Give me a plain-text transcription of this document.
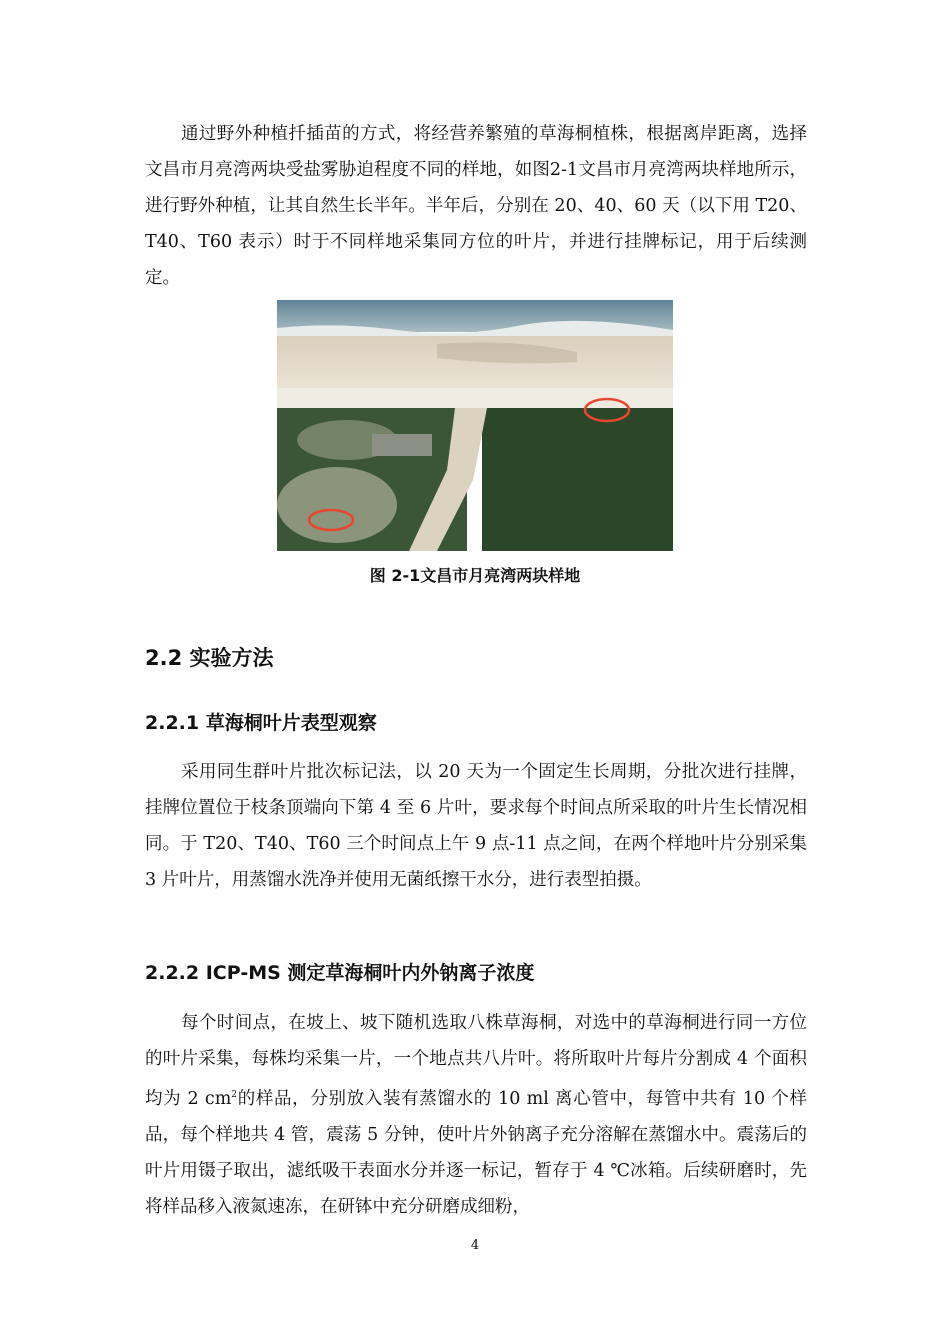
通过野外种植扦插苗的方式，将经营养繁殖的草海桐植株，根据离岸距离，选择文昌市月亮湾两块受盐雾胁迫程度不同的样地，如图2-1文昌市月亮湾两块样地所示，进行野外种植，让其自然生长半年。半年后，分别在 20、40、60 天（以下用 T20、T40、T60 表示）时于不同样地采集同方位的叶片，并进行挂牌标记，用于后续测定。

图 2-1文昌市月亮湾两块样地

2.2 实验方法
2.2.1 草海桐叶片表型观察

采用同生群叶片批次标记法，以 20 天为一个固定生长周期，分批次进行挂牌，挂牌位置位于枝条顶端向下第 4 至 6 片叶，要求每个时间点所采取的叶片生长情况相同。于 T20、T40、T60 三个时间点上午 9 点-11 点之间，在两个样地叶片分别采集 3 片叶片，用蒸馏水洗净并使用无菌纸擦干水分，进行表型拍摄。

2.2.2 ICP-MS 测定草海桐叶内外钠离子浓度

每个时间点，在坡上、坡下随机选取八株草海桐，对选中的草海桐进行同一方位的叶片采集，每株均采集一片，一个地点共八片叶。将所取叶片每片分割成 4 个面积均为 2 $cm^2$的样品，分别放入装有蒸馏水的 10 ml 离心管中，每管中共有 10 个样品，每个样地共 4 管，震荡 5 分钟，使叶片外钠离子充分溶解在蒸馏水中。震荡后的叶片用镊子取出，滤纸吸干表面水分并逐一标记，暂存于 4 ℃冰箱。后续研磨时，先将样品移入液氮速冻，在研钵中充分研磨成细粉，

4
